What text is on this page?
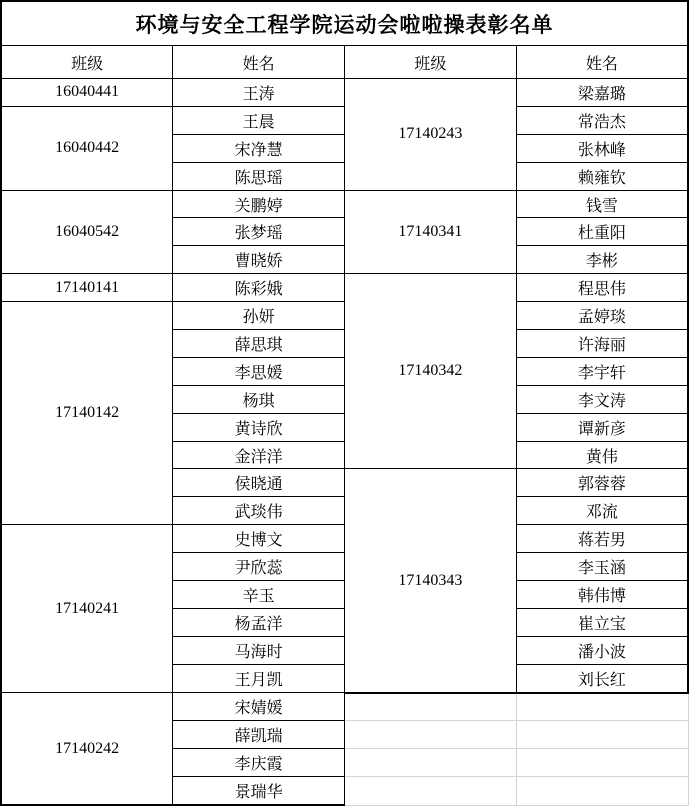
环境与安全工程学院运动会啦啦操表彰名单			
班级	姓名	班级	姓名
16040441	王涛	17140243	梁嘉璐
16040442	王晨		常浩杰
	宋净慧		张林峰
	陈思瑶		赖雍钦
16040542	关鹏婷	17140341	钱雪
	张梦瑶		杜重阳
	曹晓娇		李彬
17140141	陈彩娥	17140342	程思伟
17140142	孙妍		孟婷琰
	薛思琪		许海丽
	李思媛		李宇轩
	杨琪		李文涛
	黄诗欣		谭新彦
	金洋洋		黄伟
	侯晓通	17140343	郭蓉蓉
	武琰伟		邓流
17140241	史博文		蒋若男
	尹欣蕊		李玉涵
	辛玉		韩伟博
	杨孟洋		崔立宝
	马海时		潘小波
	王月凯		刘长红
17140242	宋婧媛		
	薛凯瑞		
	李庆霞		
	景瑞华		
